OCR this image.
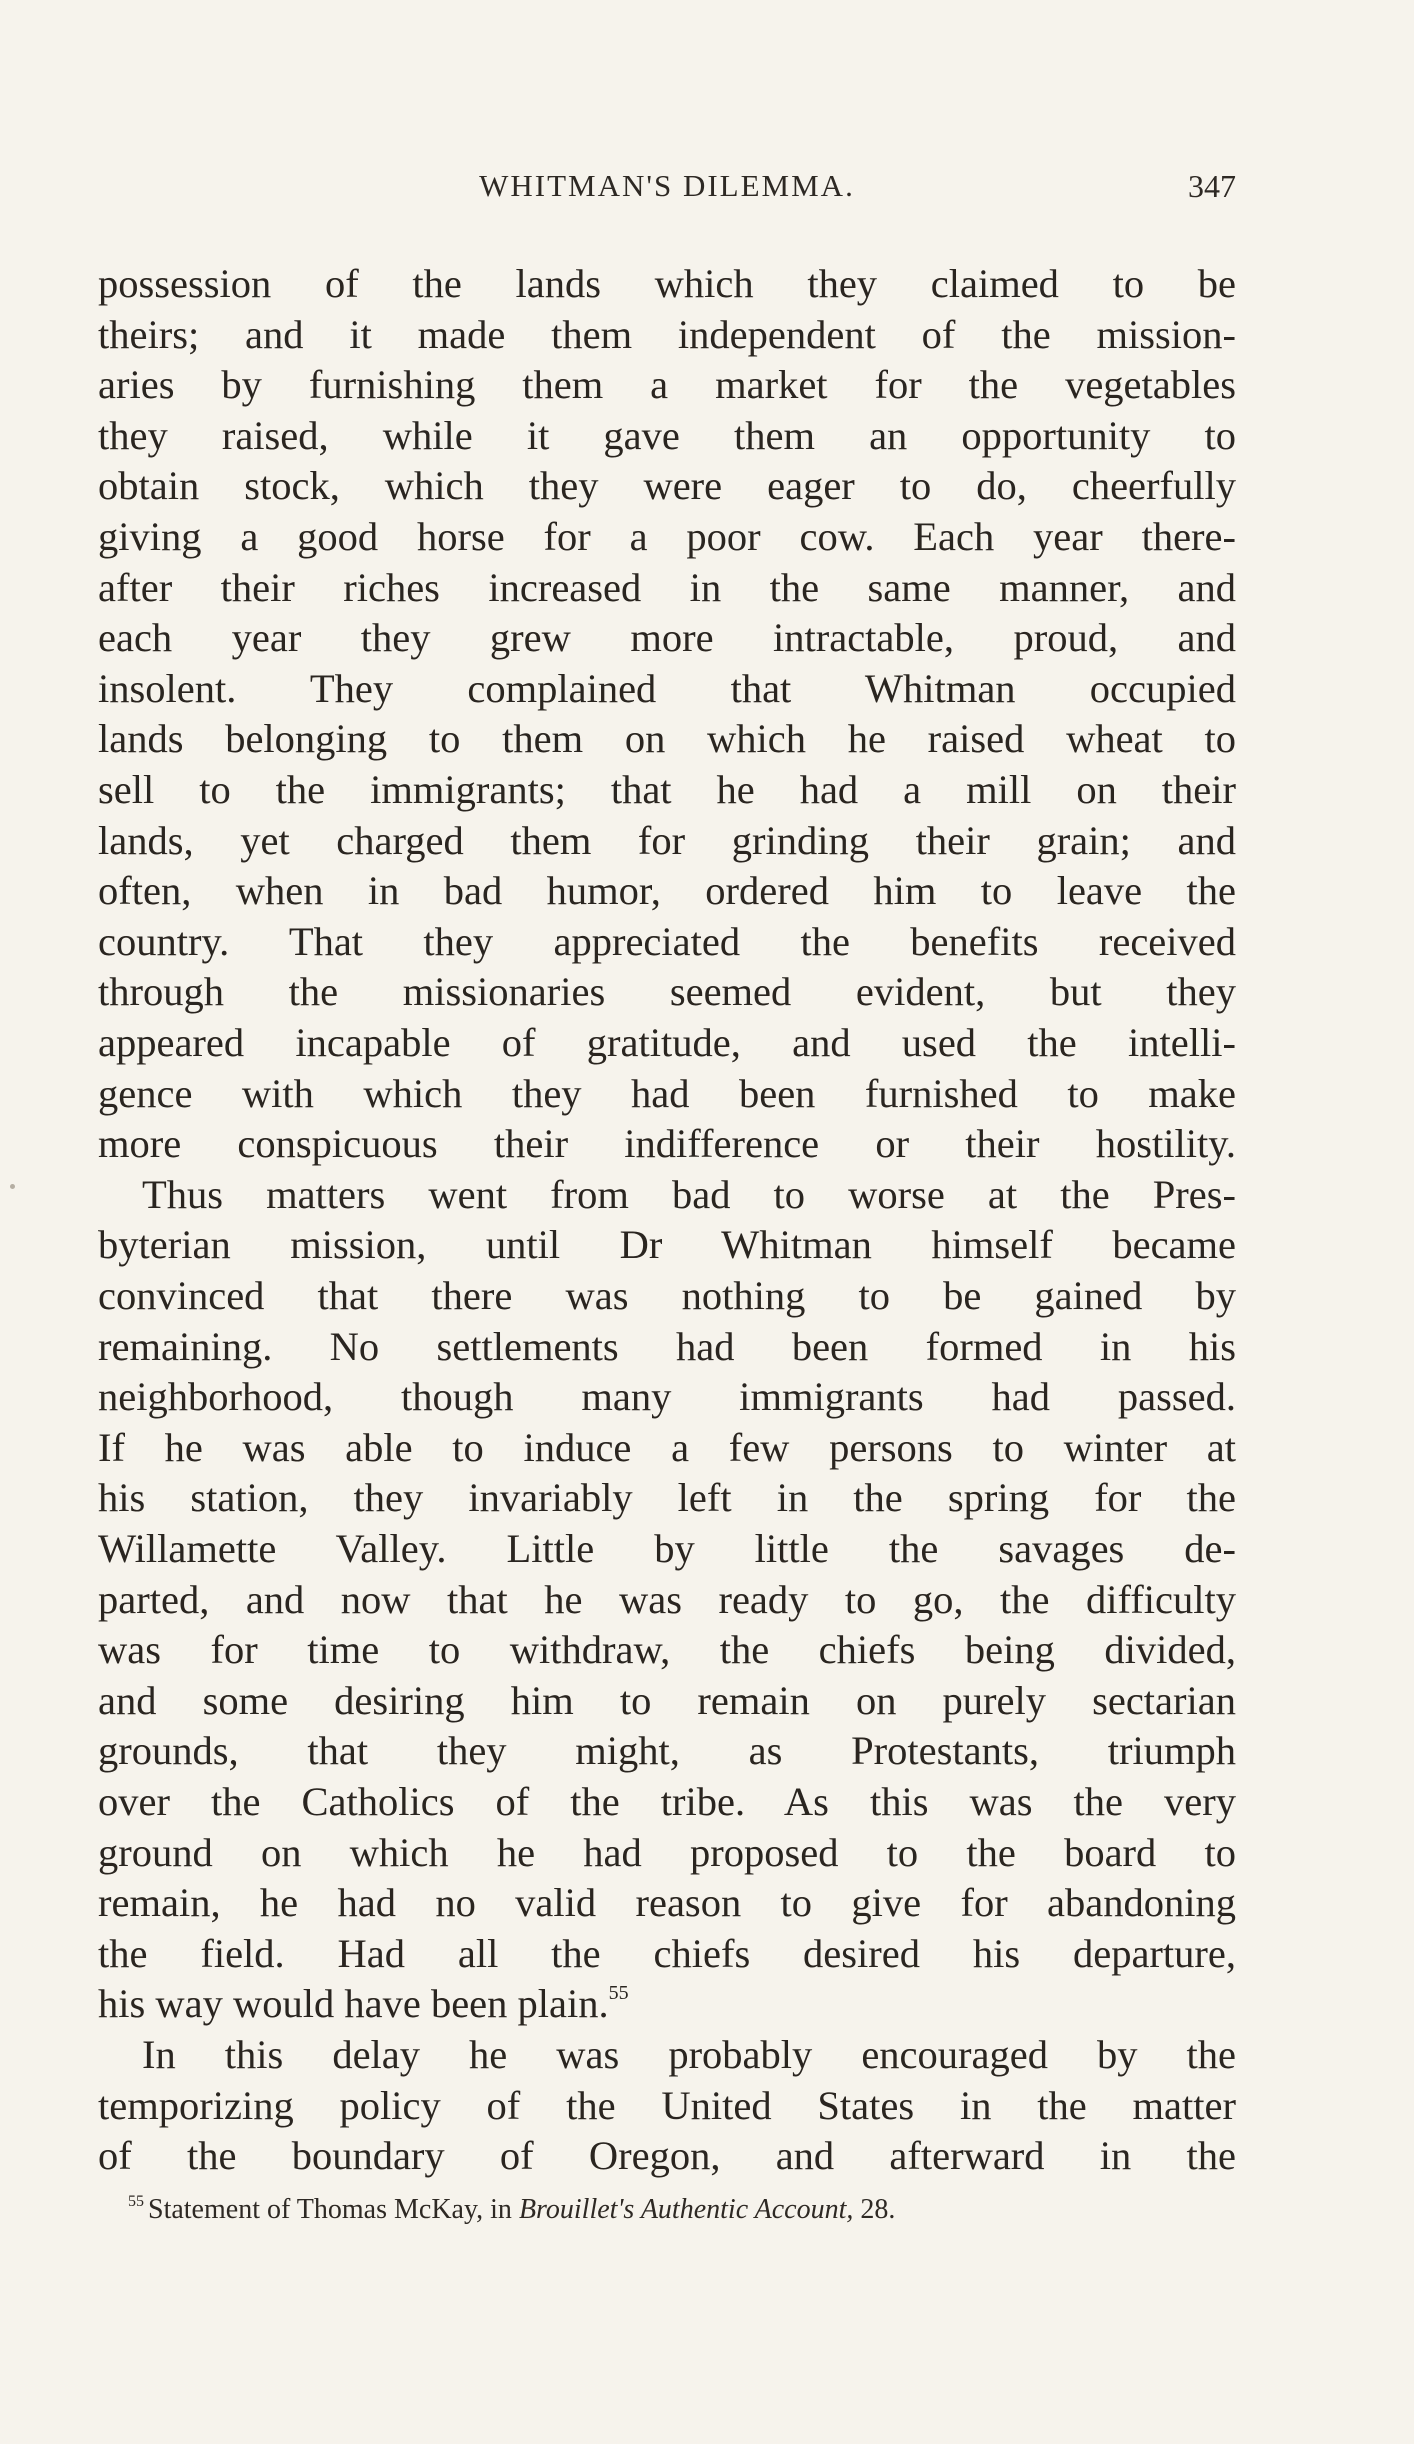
WHITMAN'S DILEMMA.	347
possession of the lands which they claimed to be
theirs; and it made them independent of the mission-
aries by furnishing them a market for the vegetables
they raised, while it gave them an opportunity to
obtain stock, which they were eager to do, cheerfully
giving a good horse for a poor cow. Each year there-
after their riches increased in the same manner, and
each year they grew more intractable, proud, and
insolent. They complained that Whitman occupied
lands belonging to them on which he raised wheat to
sell to the immigrants; that he had a mill on their
lands, yet charged them for grinding their grain; and
often, when in bad humor, ordered him to leave the
country. That they appreciated the benefits received
through the missionaries seemed evident, but they
appeared incapable of gratitude, and used the intelli-
gence with which they had been furnished to make
more conspicuous their indifference or their hostility.
Thus matters went from bad to worse at the Pres-
byterian mission, until Dr Whitman himself became
convinced that there was nothing to be gained by
remaining. No settlements had been formed in his
neighborhood, though many immigrants had passed.
If he was able to induce a few persons to winter at
his station, they invariably left in the spring for the
Willamette Valley. Little by little the savages de-
parted, and now that he was ready to go, the difficulty
was for time to withdraw, the chiefs being divided,
and some desiring him to remain on purely sectarian
grounds, that they might, as Protestants, triumph
over the Catholics of the tribe. As this was the very
ground on which he had proposed to the board to
remain, he had no valid reason to give for abandoning
the field. Had all the chiefs desired his departure,
his way would have been plain.$^{55}$
In this delay he was probably encouraged by the
temporizing policy of the United States in the matter
$^{55}$ Statement of Thomas McKay, in Brouillet's Authentic Account, 28.
of the boundary of Oregon, and afterward in the
